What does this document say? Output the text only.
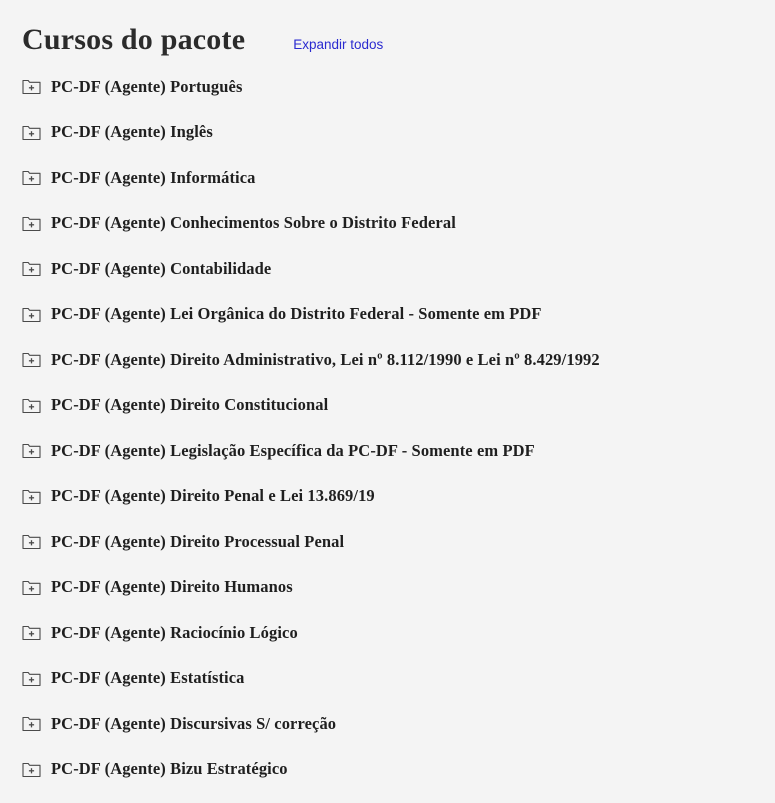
Cursos do pacote	Expandir todos
PC-DF (Agente) Português
PC-DF (Agente) Inglês
PC-DF (Agente) Informática
PC-DF (Agente) Conhecimentos Sobre o Distrito Federal
PC-DF (Agente) Contabilidade
PC-DF (Agente) Lei Orgânica do Distrito Federal - Somente em PDF
PC-DF (Agente) Direito Administrativo, Lei nº 8.112/1990 e Lei nº 8.429/1992
PC-DF (Agente) Direito Constitucional
PC-DF (Agente) Legislação Específica da PC-DF - Somente em PDF
PC-DF (Agente) Direito Penal e Lei 13.869/19
PC-DF (Agente) Direito Processual Penal
PC-DF (Agente) Direito Humanos
PC-DF (Agente) Raciocínio Lógico
PC-DF (Agente) Estatística
PC-DF (Agente) Discursivas S/ correção
PC-DF (Agente) Bizu Estratégico
